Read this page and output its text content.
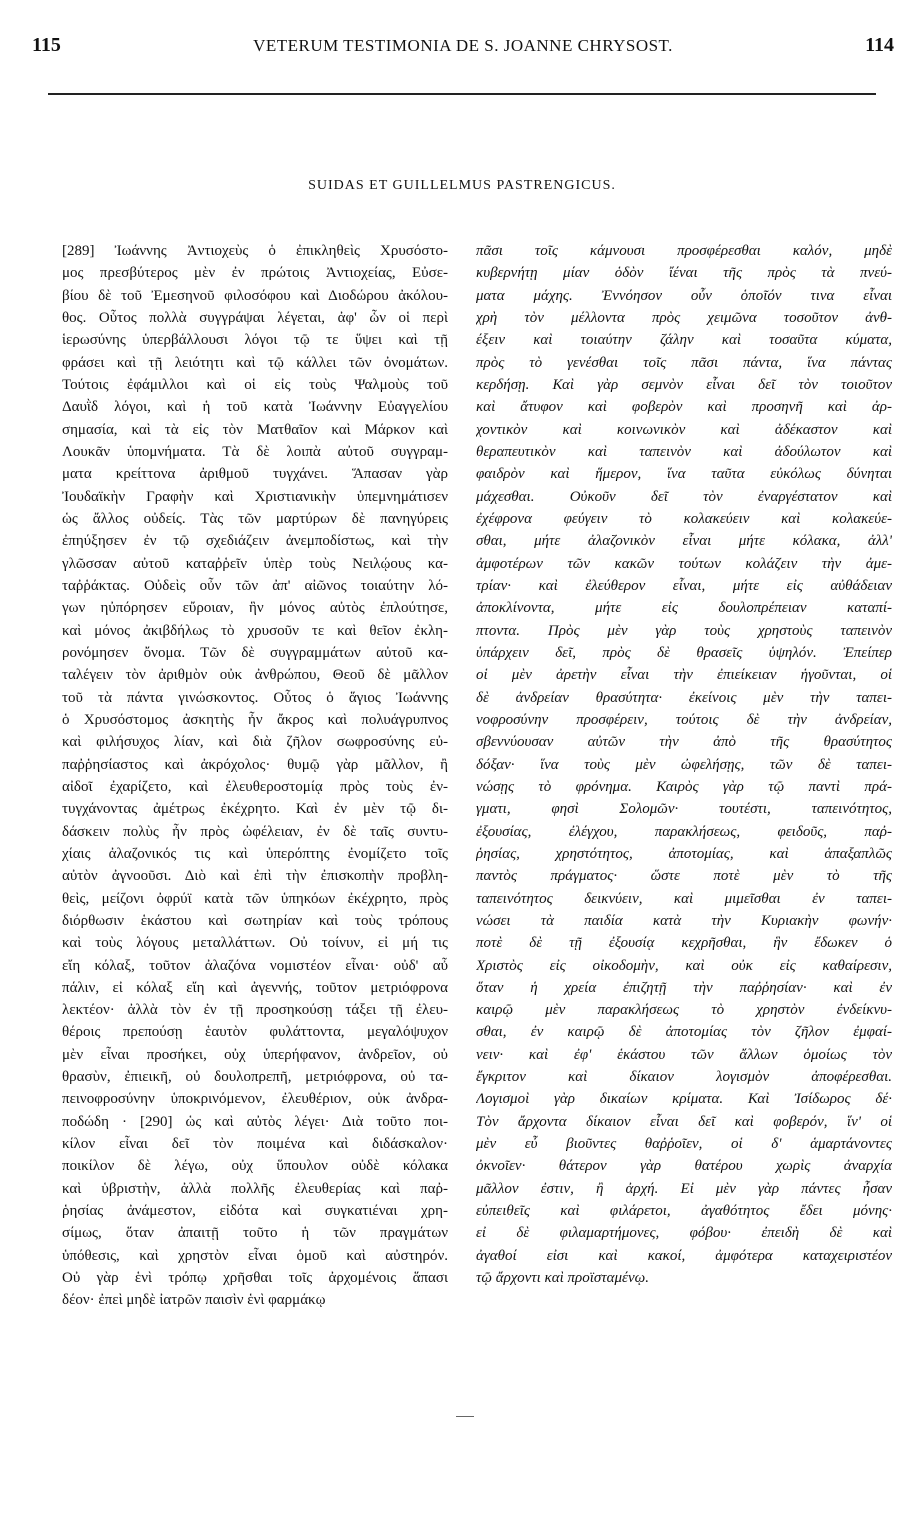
115	VETERUM TESTIMONIA DE S. JOANNE CHRYSOST.	114
SUIDAS ET GUILLELMUS PASTRENGICUS.
[289] Ἰωάννης Ἀντιοχεὺς ὁ ἐπικληθεὶς Χρυσόστο-
μος πρεσβύτερος μὲν ἐν πρώτοις Ἀντιοχείας, Εὐσε-
βίου δὲ τοῦ Ἐμεσηνοῦ φιλοσόφου καὶ Διοδώρου ἀκόλου-
θος. Οὗτος πολλὰ συγγράψαι λέγεται, ἀφ' ὧν οἱ περὶ
ἱερωσύνης ὑπερβάλλουσι λόγοι τῷ τε ὕψει καὶ τῇ
φράσει καὶ τῇ λειότητι καὶ τῷ κάλλει τῶν ὀνομάτων.
Τούτοις ἐφάμιλλοι καὶ οἱ εἰς τοὺς Ψαλμοὺς τοῦ
Δαυῒδ λόγοι, καὶ ἡ τοῦ κατὰ Ἰωάννην Εὐαγγελίου
σημασία, καὶ τὰ εἰς τὸν Ματθαῖον καὶ Μάρκον καὶ
Λουκᾶν ὑπομνήματα. Τὰ δὲ λοιπὰ αὐτοῦ συγγραμ-
ματα κρείττονα ἀριθμοῦ τυγχάνει. Ἅπασαν γὰρ
Ἰουδαϊκὴν Γραφὴν καὶ Χριστιανικὴν ὑπεμνημάτισεν
ὡς ἄλλος οὐδείς. Τὰς τῶν μαρτύρων δὲ πανηγύρεις
ἐπηύξησεν ἐν τῷ σχεδιάζειν ἀνεμποδίστως, καὶ τὴν
γλῶσσαν αὐτοῦ καταῤῥεῖν ὑπὲρ τοὺς Νειλῴους κα-
ταῤῥάκτας. Οὐδεὶς οὖν τῶν ἀπ' αἰῶνος τοιαύτην λό-
γων ηὐπόρησεν εὔροιαν, ἣν μόνος αὐτὸς ἐπλούτησε,
καὶ μόνος ἀκιβδήλως τὸ χρυσοῦν τε καὶ θεῖον ἐκλη-
ρονόμησεν ὄνομα. Τῶν δὲ συγγραμμάτων αὐτοῦ κα-
ταλέγειν τὸν ἀριθμὸν οὐκ ἀνθρώπου, Θεοῦ δὲ μᾶλλον
τοῦ τὰ πάντα γινώσκοντος. Οὗτος ὁ ἅγιος Ἰωάννης
ὁ Χρυσόστομος ἀσκητὴς ἦν ἄκρος καὶ πολυάγρυπνος
καὶ φιλήσυχος λίαν, καὶ διὰ ζῆλον σωφροσύνης εὐ-
παῤῥησίαστος καὶ ἀκρόχολος· θυμῷ γὰρ μᾶλλον, ἢ
αἰδοῖ ἐχαρίζετο, καὶ ἐλευθεροστομίᾳ πρὸς τοὺς ἐν-
τυγχάνοντας ἀμέτρως ἐκέχρητο. Καὶ ἐν μὲν τῷ δι-
δάσκειν πολὺς ἦν πρὸς ὠφέλειαν, ἐν δὲ ταῖς συντυ-
χίαις ἀλαζονικός τις καὶ ὑπερόπτης ἐνομίζετο τοῖς
αὐτὸν ἀγνοοῦσι. Διὸ καὶ ἐπὶ τὴν ἐπισκοπὴν προβλη-
θεὶς, μείζονι ὀφρύϊ κατὰ τῶν ὑπηκόων ἐκέχρητο, πρὸς
διόρθωσιν ἑκάστου καὶ σωτηρίαν καὶ τοὺς τρόπους
καὶ τοὺς λόγους μεταλλάττων. Οὐ τοίνυν, εἰ μή τις
εἴη κόλαξ, τοῦτον ἀλαζόνα νομιστέον εἶναι· οὐδ' αὖ
πάλιν, εἰ κόλαξ εἴη καὶ ἀγεννής, τοῦτον μετριόφρονα
λεκτέον· ἀλλὰ τὸν ἐν τῇ προσηκούσῃ τάξει τῇ ἐλευ-
θέροις πρεπούσῃ ἑαυτὸν φυλάττοντα, μεγαλόψυχον
μὲν εἶναι προσήκει, οὐχ ὑπερήφανον, ἀνδρεῖον, οὐ
θρασὺν, ἐπιεικῆ, οὐ δουλοπρεπῆ, μετριόφρονα, οὐ τα-
πεινοφροσύνην ὑποκρινόμενον, ἐλευθέριον, οὐκ ἀνδρα-
ποδώδη · [290] ὡς καὶ αὐτὸς λέγει· Διὰ τοῦτο ποι-
κίλον εἶναι δεῖ τὸν ποιμένα καὶ διδάσκαλον·
ποικίλον δὲ λέγω, οὐχ ὕπουλον οὐδὲ κόλακα
καὶ ὑβριστὴν, ἀλλὰ πολλῆς ἐλευθερίας καὶ παῤ-
ῥησίας ἀνάμεστον, εἰδότα καὶ συγκατιέναι χρη-
σίμως, ὅταν ἀπαιτῇ τοῦτο ἡ τῶν πραγμάτων
ὑπόθεσις, καὶ χρηστὸν εἶναι ὁμοῦ καὶ αὐστηρόν.
Οὐ γὰρ ἑνὶ τρόπῳ χρῆσθαι τοῖς ἀρχομένοις ἅπασι
δέον· ἐπεὶ μηδὲ ἰατρῶν παισὶν ἑνὶ φαρμάκῳ
πᾶσι τοῖς κάμνουσι προσφέρεσθαι καλόν, μηδὲ
κυβερνήτῃ μίαν ὁδὸν ἴέναι τῆς πρὸς τὰ πνεύ-
ματα μάχης. Ἐννόησον οὖν ὁποῖόν τινα εἶναι
χρὴ τὸν μέλλοντα πρὸς χειμῶνα τοσοῦτον ἀνθ-
έξειν καὶ τοιαύτην ζάλην καὶ τοσαῦτα κύματα,
πρὸς τὸ γενέσθαι τοῖς πᾶσι πάντα, ἵνα πάντας
κερδήσῃ. Καὶ γὰρ σεμνὸν εἶναι δεῖ τὸν τοιοῦτον
καὶ ἄτυφον καὶ φοβερὸν καὶ προσηνῆ καὶ ἀρ-
χοντικὸν καὶ κοινωνικὸν καὶ ἀδέκαστον καὶ
θεραπευτικὸν καὶ ταπεινὸν καὶ ἀδούλωτον καὶ
φαιδρὸν καὶ ἥμερον, ἵνα ταῦτα εὐκόλως δύνηται
μάχεσθαι. Οὐκοῦν δεῖ τὸν ἐναργέστατον καὶ
ἐχέφρονα φεύγειν τὸ κολακεύειν καὶ κολακεύε-
σθαι, μήτε ἀλαζονικὸν εἶναι μήτε κόλακα, ἀλλ'
ἀμφοτέρων τῶν κακῶν τούτων κολάζειν τὴν ἀμε-
τρίαν· καὶ ἐλεύθερον εἶναι, μήτε εἰς αὐθάδειαν
ἀποκλίνοντα, μήτε εἰς δουλοπρέπειαν καταπί-
πτοντα. Πρὸς μὲν γὰρ τοὺς χρηστοὺς ταπεινὸν
ὑπάρχειν δεῖ, πρὸς δὲ θρασεῖς ὑψηλόν. Ἐπείπερ
οἱ μὲν ἀρετὴν εἶναι τὴν ἐπιείκειαν ἡγοῦνται, οἱ
δὲ ἀνδρείαν θρασύτητα· ἐκείνοις μὲν τὴν ταπει-
νοφροσύνην προσφέρειν, τούτοις δὲ τὴν ἀνδρείαν,
σβεννύουσαν αὐτῶν τὴν ἀπὸ τῆς θρασύτητος
δόξαν· ἵνα τοὺς μὲν ὠφελήσῃς, τῶν δὲ ταπει-
νώσῃς τὸ φρόνημα. Καιρὸς γὰρ τῷ παντὶ πρά-
γματι, φησὶ Σολομῶν· τουτέστι, ταπεινότητος,
ἐξουσίας, ἐλέγχου, παρακλήσεως, φειδοῦς, παῤ-
ῥησίας, χρηστότητος, ἀποτομίας, καὶ ἁπαξαπλῶς
παντὸς πράγματος· ὥστε ποτὲ μὲν τὸ τῆς
ταπεινότητος δεικνύειν, καὶ μιμεῖσθαι ἐν ταπει-
νώσει τὰ παιδία κατὰ τὴν Κυριακὴν φωνήν·
ποτὲ δὲ τῇ ἐξουσίᾳ κεχρῆσθαι, ἣν ἔδωκεν ὁ
Χριστὸς εἰς οἰκοδομὴν, καὶ οὐκ εἰς καθαίρεσιν,
ὅταν ἡ χρεία ἐπιζητῇ τὴν παῤῥησίαν· καὶ ἐν
καιρῷ μὲν παρακλήσεως τὸ χρηστὸν ἐνδείκνυ-
σθαι, ἐν καιρῷ δὲ ἀποτομίας τὸν ζῆλον ἐμφαί-
νειν· καὶ ἐφ' ἑκάστου τῶν ἄλλων ὁμοίως τὸν
ἔγκριτον καὶ δίκαιον λογισμὸν ἀποφέρεσθαι.
Λογισμοὶ γὰρ δικαίων κρίματα. Καὶ Ἰσίδωρος δέ·
Τὸν ἄρχοντα δίκαιον εἶναι δεῖ καὶ φοβερόν, ἵν' οἱ
μὲν εὖ βιοῦντες θαῤῥοῖεν, οἱ δ' ἁμαρτάνοντες
ὀκνοῖεν· θάτερον γὰρ θατέρου χωρὶς ἀναρχία
μᾶλλον ἐστιν, ἢ ἀρχή. Εἰ μὲν γὰρ πάντες ἦσαν
εὐπειθεῖς καὶ φιλάρετοι, ἀγαθότητος ἔδει μόνης·
εἰ δὲ φιλαμαρτήμονες, φόβου· ἐπειδὴ δὲ καὶ
ἀγαθοί εἰσι καὶ κακοί, ἀμφότερα καταχειριστέον
τῷ ἄρχοντι καὶ προϊσταμένῳ.
